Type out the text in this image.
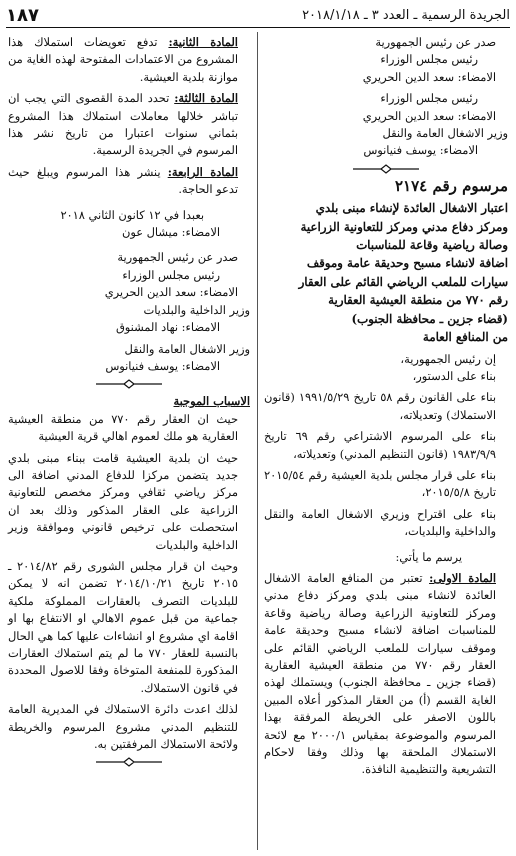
الجريدة الرسمية ـ العدد ٣ ـ ٢٠١٨/١/١٨
١٨٧

صدر عن رئيس الجمهورية

رئيس مجلس الوزراء

الامضاء: سعد الدين الحريري

رئيس مجلس الوزراء

الامضاء: سعد الدين الحريري

وزير الاشغال العامة والنقل

الامضاء: يوسف فنيانوس

مرسوم رقم ٢١٧٤

اعتبار الاشغال العائدة لإنشاء مبنى بلدي

ومركز دفاع مدني ومركز للتعاونية الزراعية

وصالة رياضية وقاعة للمناسبات

اضافة لانشاء مسبح وحديقة عامة وموقف

سيارات للملعب الرياضي القائم على العقار

رقم ٧٧٠ من منطقة العيشية العقارية

(قضاء جزين ـ محافظة الجنوب)

من المنافع العامة

إن رئيس الجمهورية،

بناء على الدستور،

بناء على القانون رقم ٥٨ تاريخ ١٩٩١/٥/٢٩ (قانون الاستملاك) وتعديلاته،

بناء على المرسوم الاشتراعي رقم ٦٩ تاريخ ١٩٨٣/٩/٩ (قانون التنظيم المدني) وتعديلاته،

بناء على قرار مجلس بلدية العيشية رقم ٢٠١٥/٥٤ تاريخ ٢٠١٥/٥/٨،

بناء على اقتراح وزيري الاشغال العامة والنقل والداخلية والبلديات،

يرسم ما يأتي:

المادة الاولى: تعتبر من المنافع العامة الاشغال العائدة لانشاء مبنى بلدي ومركز دفاع مدني ومركز للتعاونية الزراعية وصالة رياضية وقاعة للمناسبات اضافة لانشاء مسبح وحديقة عامة وموقف سيارات للملعب الرياضي القائم على العقار رقم ٧٧٠ من منطقة العيشية العقارية (قضاء جزين ـ محافظة الجنوب) ويستملك لهذه الغاية القسم (أ) من العقار المذكور أعلاه المبين باللون الاصفر على الخريطة المرفقة بهذا المرسوم والموضوعة بمقياس ٢٠٠٠/١ مع لائحة الاستملاك الملحقة بها وذلك وفقا لاحكام التشريعية والتنظيمية النافذة.

المادة الثانية: تدفع تعويضات استملاك هذا المشروع من الاعتمادات المفتوحة لهذه الغاية من موازنة بلدية العيشية.

المادة الثالثة: تحدد المدة القصوى التي يجب ان تباشر خلالها معاملات استملاك هذا المشروع بثماني سنوات اعتبارا من تاريخ نشر هذا المرسوم في الجريدة الرسمية.

المادة الرابعة: ينشر هذا المرسوم ويبلغ حيث تدعو الحاجة.

بعبدا في ١٢ كانون الثاني ٢٠١٨

الامضاء: ميشال عون

صدر عن رئيس الجمهورية

رئيس مجلس الوزراء

الامضاء: سعد الدين الحريري

وزير الداخلية والبلديات

الامضاء: نهاد المشنوق

وزير الاشغال العامة والنقل

الامضاء: يوسف فنيانوس

الاسباب الموجبة

حيث ان العقار رقم ٧٧٠ من منطقة العيشية العقارية هو ملك لعموم اهالي قرية العيشية

حيث ان بلدية العيشية قامت ببناء مبنى بلدي جديد يتضمن مركزا للدفاع المدني اضافة الى مركز رياضي ثقافي ومركز مخصص للتعاونية الزراعية على العقار المذكور وذلك بعد ان استحصلت على ترخيص قانوني وموافقة وزير الداخلية والبلديات

وحيث ان قرار مجلس الشورى رقم ٢٠١٤/٨٢ ـ ٢٠١٥ تاريخ ٢٠١٤/١٠/٢١ تضمن انه لا يمكن للبلديات التصرف بالعقارات المملوكة ملكية جماعية من قبل عموم الاهالي او الانتفاع بها او اقامة اي مشروع او انشاءات عليها كما هي الحال بالنسبة للعقار ٧٧٠ ما لم يتم استملاك العقارات المذكورة للمنفعة المتوخاة وفقا للاصول المحددة في قانون الاستملاك.

لذلك اعدت دائرة الاستملاك في المديرية العامة للتنظيم المدني مشروع المرسوم والخريطة ولائحة الاستملاك المرفقتين به.
